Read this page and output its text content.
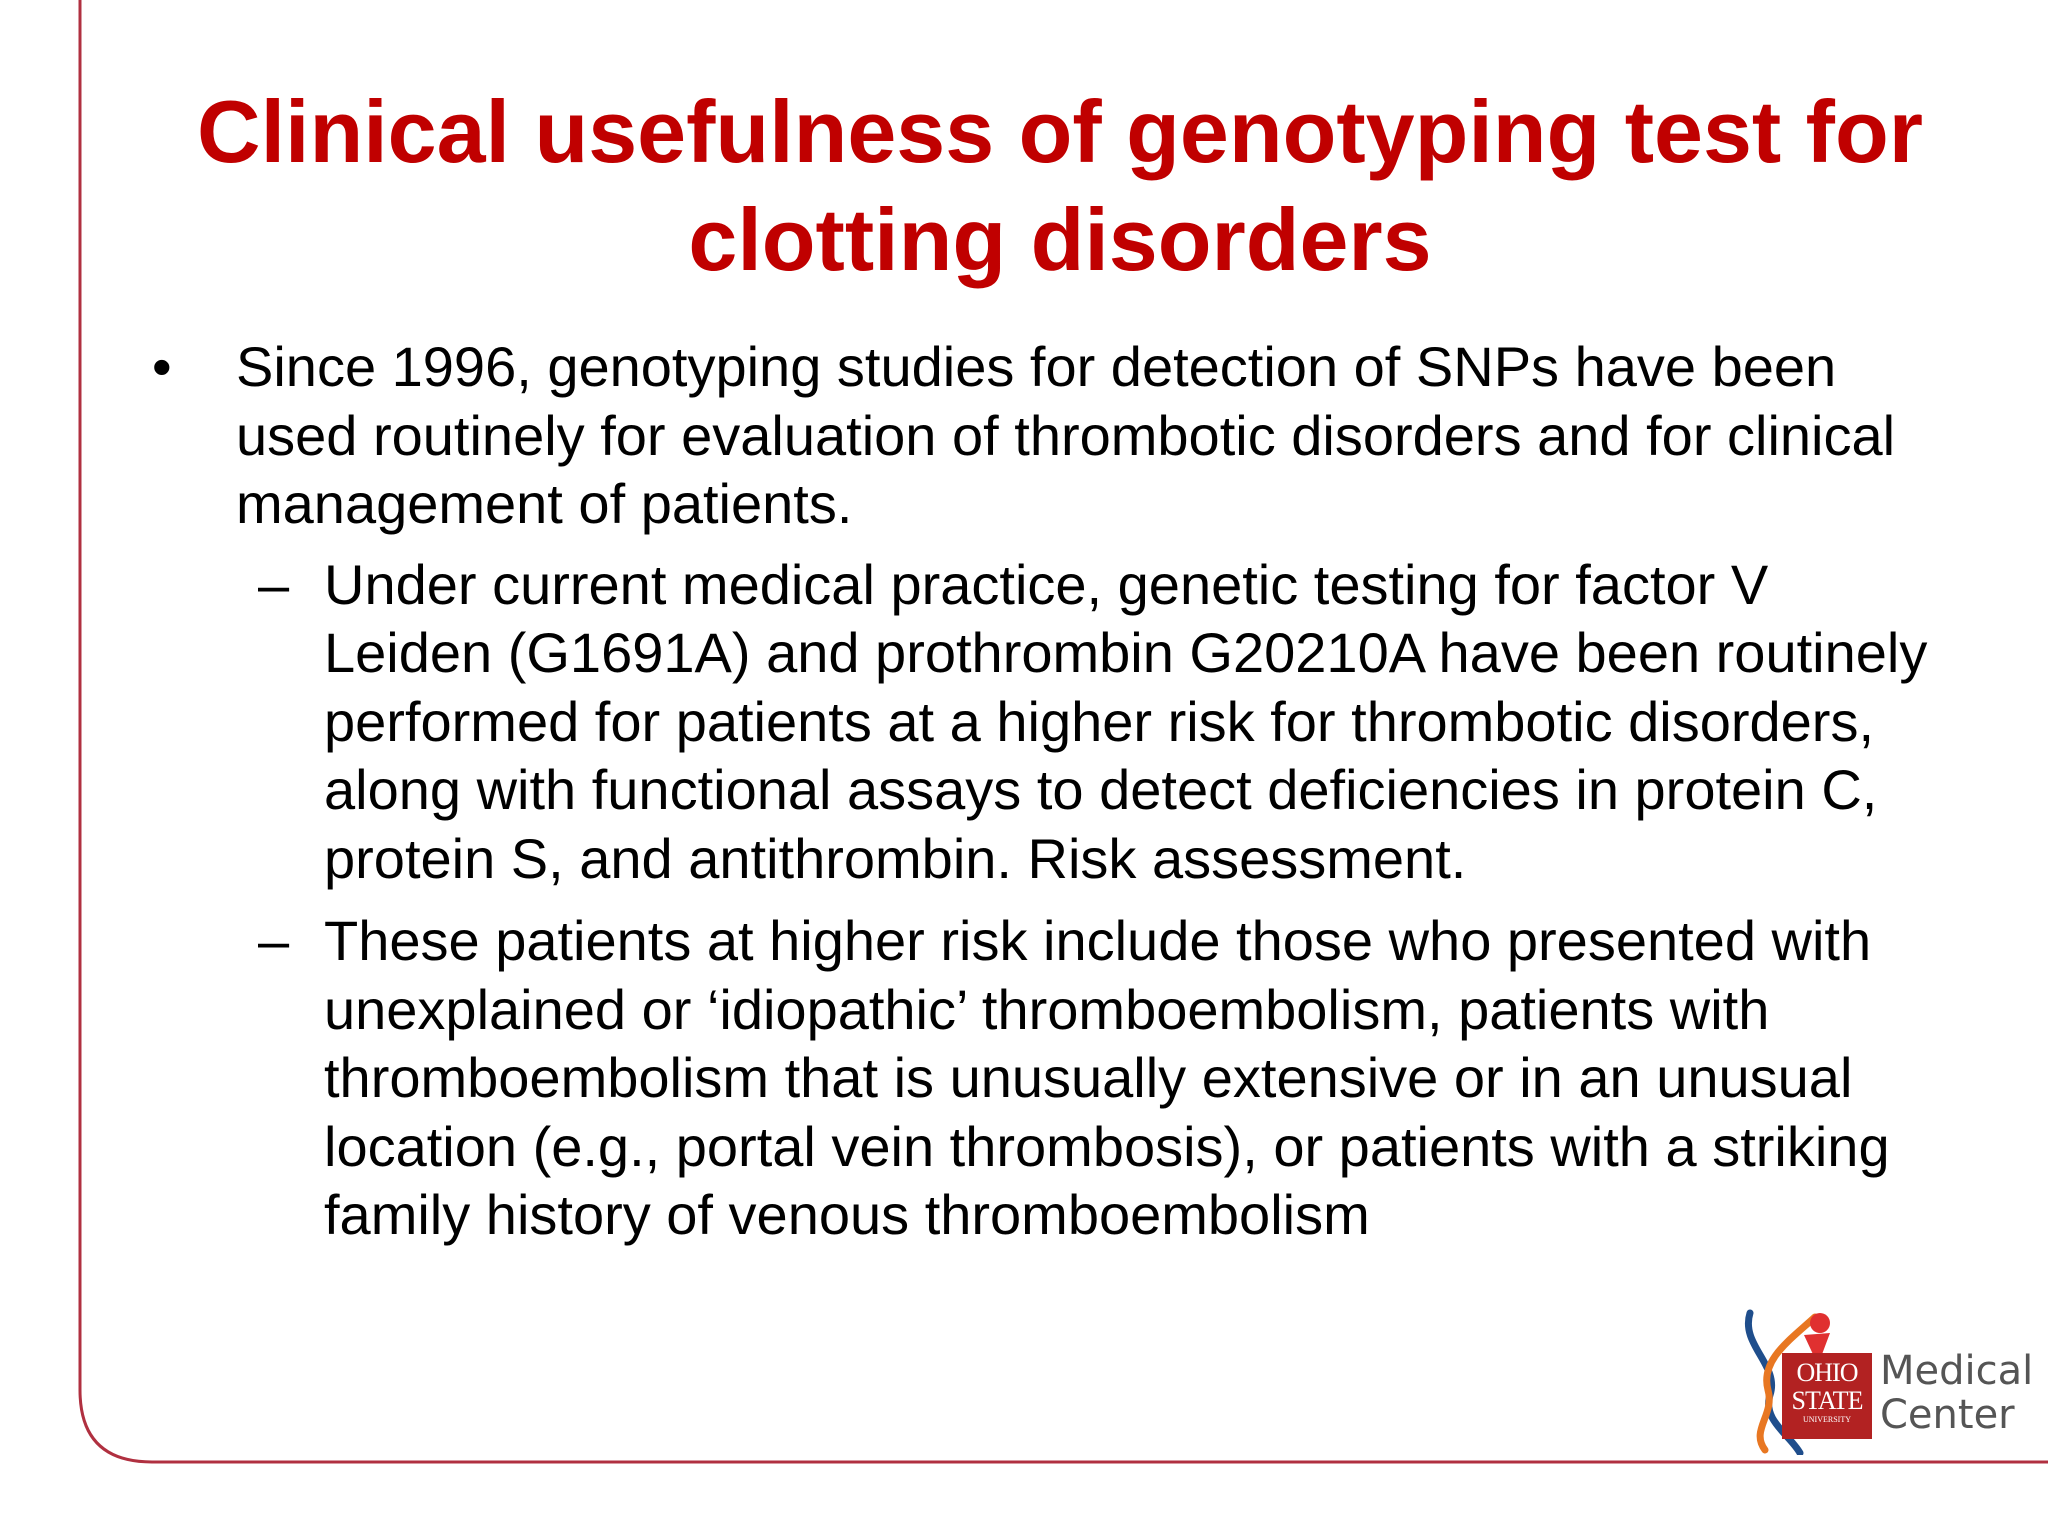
Clinical usefulness of genotyping test for clotting disorders
• Since 1996, genotyping studies for detection of SNPs have been used routinely for evaluation of thrombotic disorders and for clinical management of patients.
– Under current medical practice, genetic testing for factor V Leiden (G1691A) and prothrombin G20210A have been routinely performed for patients at a higher risk for thrombotic disorders, along with functional assays to detect deficiencies in protein C, protein S, and antithrombin. Risk assessment.
– These patients at higher risk include those who presented with unexplained or ‘idiopathic’ thromboembolism, patients with thromboembolism that is unusually extensive or in an unusual location (e.g., portal vein thrombosis), or patients with a striking family history of venous thromboembolism
OHIO
STATE
UNIVERSITY
Medical
Center
